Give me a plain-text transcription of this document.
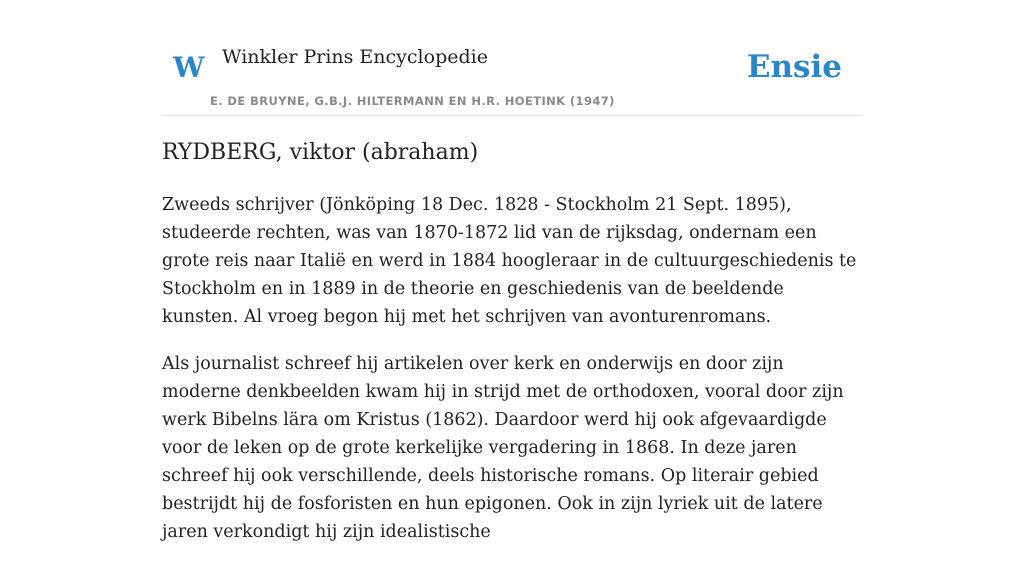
W Winkler Prins Encyclopedie
E. DE BRUYNE, G.B.J. HILTERMANN EN H.R. HOETINK (1947)
Ensie
RYDBERG, viktor (abraham)

Zweeds schrijver (Jönköping 18 Dec. 1828 - Stockholm 21 Sept. 1895), studeerde rechten, was van 1870-1872 lid van de rijksdag, ondernam een grote reis naar Italië en werd in 1884 hoogleraar in de cultuurgeschiedenis te Stockholm en in 1889 in de theorie en geschiedenis van de beeldende kunsten. Al vroeg begon hij met het schrijven van avonturenromans.

Als journalist schreef hij artikelen over kerk en onderwijs en door zijn moderne denkbeelden kwam hij in strijd met de orthodoxen, vooral door zijn werk Bibelns lära om Kristus (1862). Daardoor werd hij ook afgevaardigde voor de leken op de grote kerkelijke vergadering in 1868. In deze jaren schreef hij ook verschillende, deels historische romans. Op literair gebied bestrijdt hij de fosforisten en hun epigonen. Ook in zijn lyriek uit de latere jaren verkondigt hij zijn idealistische
